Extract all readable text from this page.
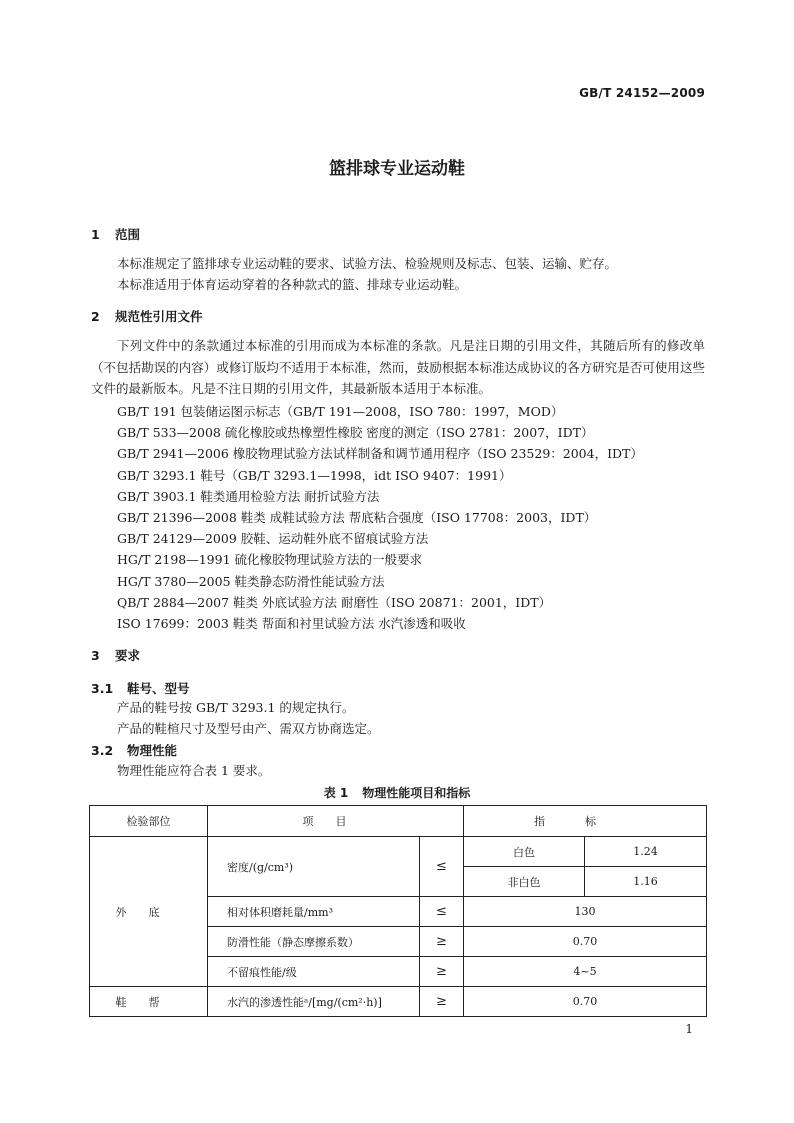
GB/T 24152—2009
篮排球专业运动鞋
1 范围
本标准规定了篮排球专业运动鞋的要求、试验方法、检验规则及标志、包装、运输、贮存。
本标准适用于体育运动穿着的各种款式的篮、排球专业运动鞋。
2 规范性引用文件
下列文件中的条款通过本标准的引用而成为本标准的条款。凡是注日期的引用文件，其随后所有的修改单（不包括勘误的内容）或修订版均不适用于本标准，然而，鼓励根据本标准达成协议的各方研究是否可使用这些文件的最新版本。凡是不注日期的引用文件，其最新版本适用于本标准。
GB/T 191 包装储运图示标志（GB/T 191—2008，ISO 780：1997，MOD）
GB/T 533—2008 硫化橡胶或热橡塑性橡胶 密度的测定（ISO 2781：2007，IDT）
GB/T 2941—2006 橡胶物理试验方法试样制备和调节通用程序（ISO 23529：2004，IDT）
GB/T 3293.1 鞋号（GB/T 3293.1—1998，idt ISO 9407：1991）
GB/T 3903.1 鞋类通用检验方法 耐折试验方法
GB/T 21396—2008 鞋类 成鞋试验方法 帮底粘合强度（ISO 17708：2003，IDT）
GB/T 24129—2009 胶鞋、运动鞋外底不留痕试验方法
HG/T 2198—1991 硫化橡胶物理试验方法的一般要求
HG/T 3780—2005 鞋类静态防滑性能试验方法
QB/T 2884—2007 鞋类 外底试验方法 耐磨性（ISO 20871：2001，IDT）
ISO 17699：2003 鞋类 帮面和衬里试验方法 水汽渗透和吸收
3 要求
3.1 鞋号、型号
产品的鞋号按 GB/T 3293.1 的规定执行。
产品的鞋楦尺寸及型号由产、需双方协商选定。
3.2 物理性能
物理性能应符合表 1 要求。
表 1 物理性能项目和指标
检验部位	项目		指标	
外底	密度/(g/cm³)	≤	白色	1.24
			非白色	1.16
	相对体积磨耗量/mm³	≤	130	
	防滑性能（静态摩擦系数）	≥	0.70	
	不留痕性能/级	≥	4~5	
鞋帮	水汽的渗透性能ᵃ/[mg/(cm²·h)]	≥	0.70	
1
